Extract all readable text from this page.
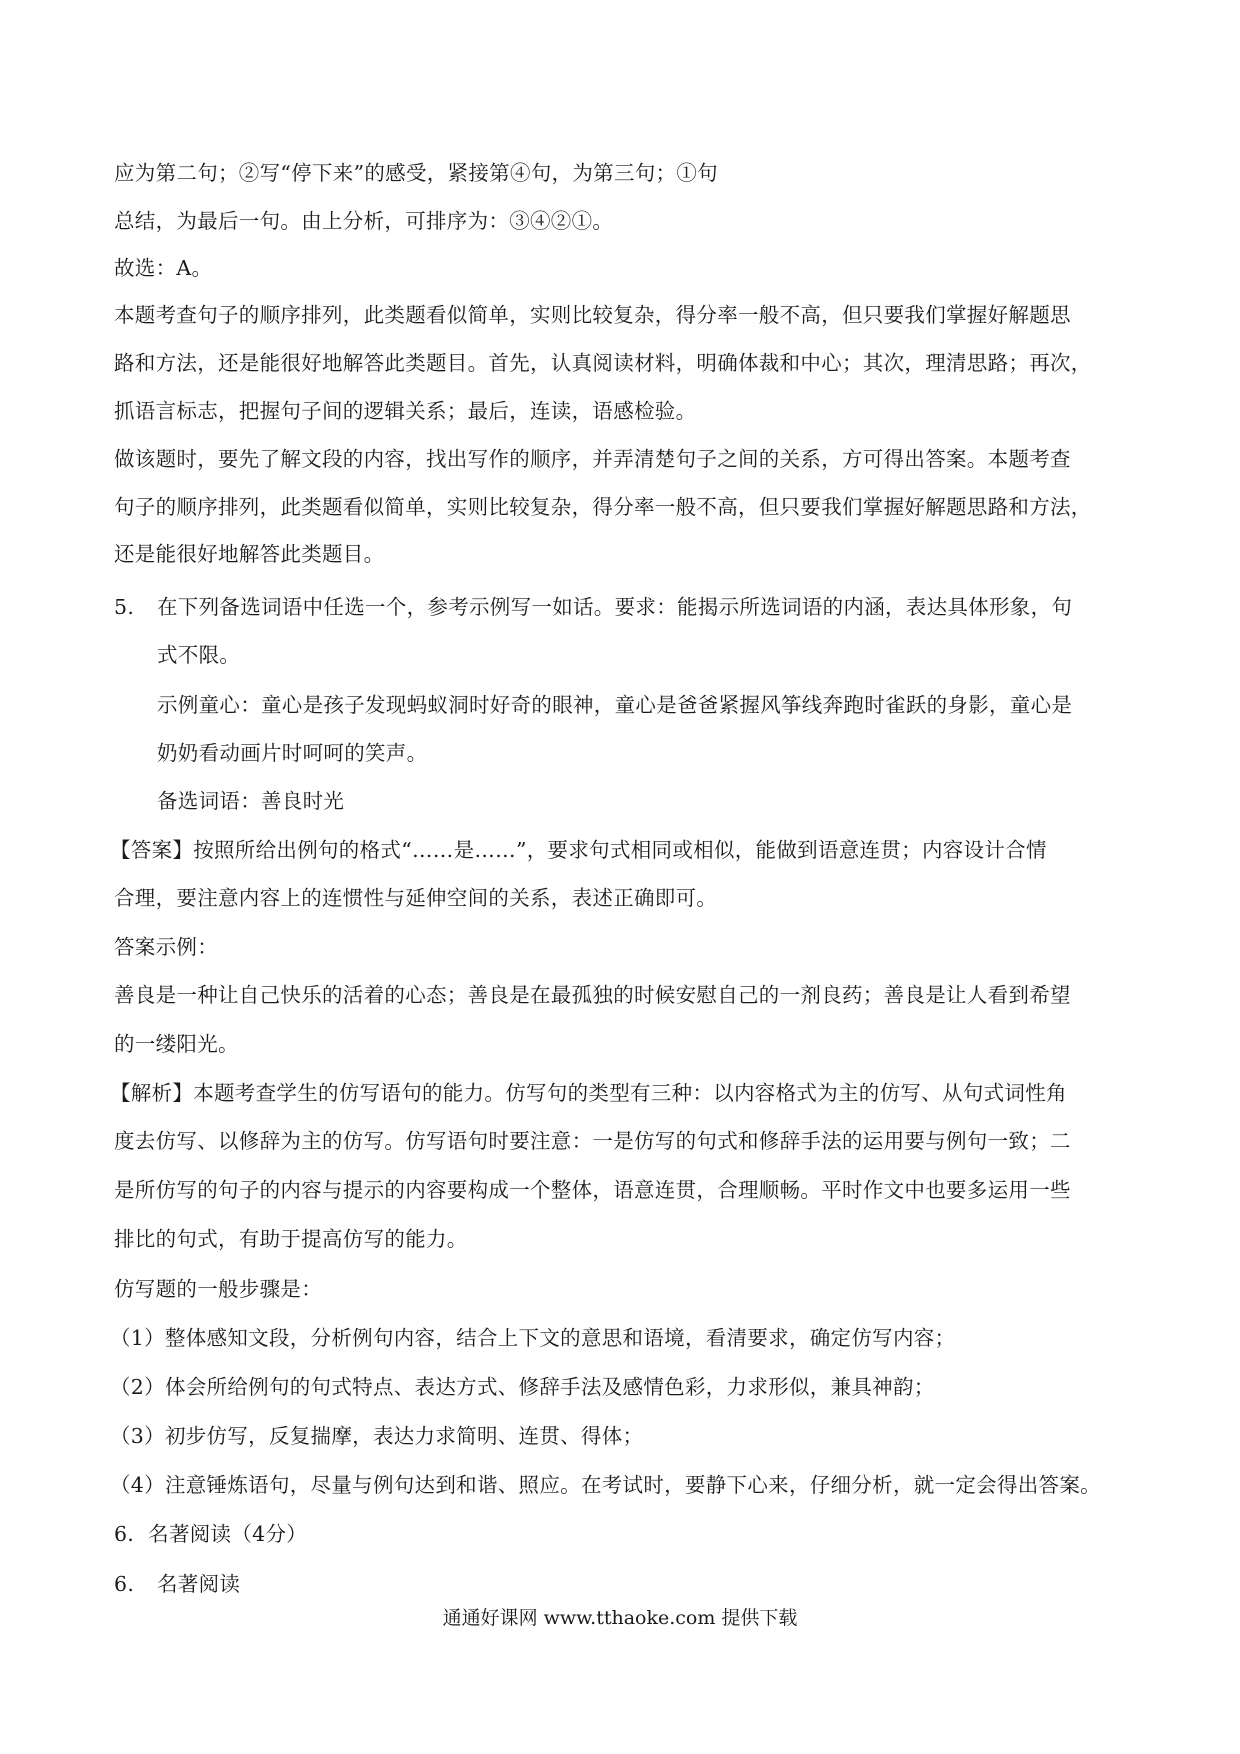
应为第二句；②写“停下来”的感受，紧接第④句，为第三句；①句
总结，为最后一句。由上分析，可排序为：③④②①。
故选：A。
本题考查句子的顺序排列，此类题看似简单，实则比较复杂，得分率一般不高，但只要我们掌握好解题思
路和方法，还是能很好地解答此类题目。首先，认真阅读材料，明确体裁和中心；其次，理清思路；再次，
抓语言标志，把握句子间的逻辑关系；最后，连读，语感检验。
做该题时，要先了解文段的内容，找出写作的顺序，并弄清楚句子之间的关系，方可得出答案。本题考查
句子的顺序排列，此类题看似简单，实则比较复杂，得分率一般不高，但只要我们掌握好解题思路和方法，
还是能很好地解答此类题目。
5. 在下列备选词语中任选一个，参考示例写一如话。要求：能揭示所选词语的内涵，表达具体形象，句
式不限。
示例童心：童心是孩子发现蚂蚁洞时好奇的眼神，童心是爸爸紧握风筝线奔跑时雀跃的身影，童心是
奶奶看动画片时呵呵的笑声。
备选词语：善良时光
【答案】按照所给出例句的格式“……是……”，要求句式相同或相似，能做到语意连贯；内容设计合情
合理，要注意内容上的连惯性与延伸空间的关系，表述正确即可。
答案示例：
善良是一种让自己快乐的活着的心态；善良是在最孤独的时候安慰自己的一剂良药；善良是让人看到希望
的一缕阳光。
【解析】本题考查学生的仿写语句的能力。仿写句的类型有三种：以内容格式为主的仿写、从句式词性角
度去仿写、以修辞为主的仿写。仿写语句时要注意：一是仿写的句式和修辞手法的运用要与例句一致；二
是所仿写的句子的内容与提示的内容要构成一个整体，语意连贯，合理顺畅。平时作文中也要多运用一些
排比的句式，有助于提高仿写的能力。
仿写题的一般步骤是：
（1）整体感知文段，分析例句内容，结合上下文的意思和语境，看清要求，确定仿写内容；
（2）体会所给例句的句式特点、表达方式、修辞手法及感情色彩，力求形似，兼具神韵；
（3）初步仿写，反复揣摩，表达力求简明、连贯、得体；
（4）注意锤炼语句，尽量与例句达到和谐、照应。在考试时，要静下心来，仔细分析，就一定会得出答案。
6．名著阅读（4分）
6. 名著阅读
通通好课网 www.tthaoke.com 提供下载
